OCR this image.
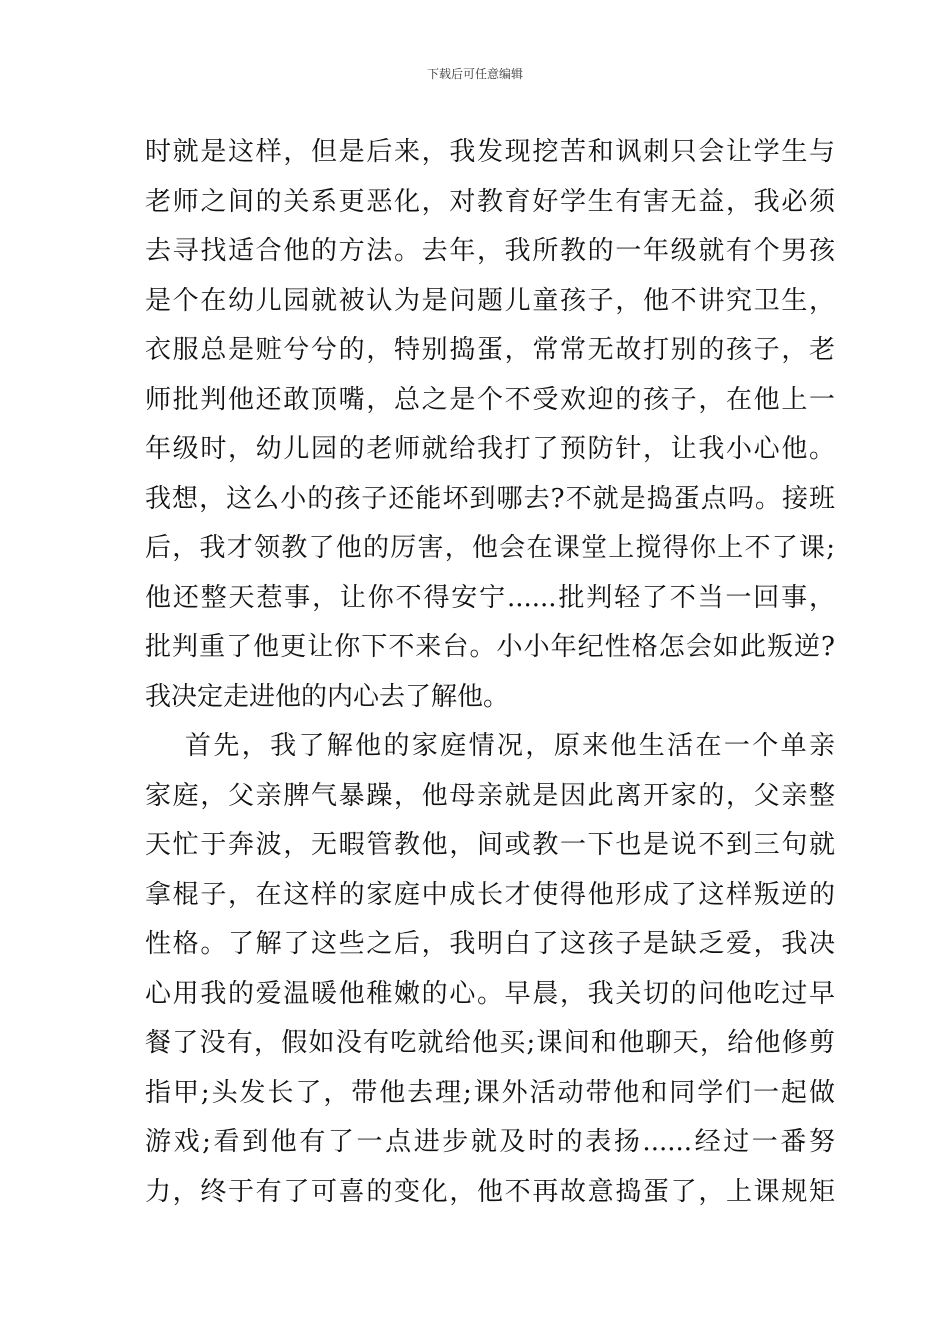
下载后可任意编辑
时就是这样，但是后来，我发现挖苦和讽刺只会让学生与
老师之间的关系更恶化，对教育好学生有害无益，我必须
去寻找适合他的方法。去年，我所教的一年级就有个男孩
是个在幼儿园就被认为是问题儿童孩子，他不讲究卫生，
衣服总是赃兮兮的，特别捣蛋，常常无故打别的孩子，老
师批判他还敢顶嘴，总之是个不受欢迎的孩子，在他上一
年级时，幼儿园的老师就给我打了预防针，让我小心他。
我想，这么小的孩子还能坏到哪去?不就是捣蛋点吗。接班
后，我才领教了他的厉害，他会在课堂上搅得你上不了课;
他还整天惹事，让你不得安宁......批判轻了不当一回事，
批判重了他更让你下不来台。小小年纪性格怎会如此叛逆?
我决定走进他的内心去了解他。
首先，我了解他的家庭情况，原来他生活在一个单亲
家庭，父亲脾气暴躁，他母亲就是因此离开家的，父亲整
天忙于奔波，无暇管教他，间或教一下也是说不到三句就
拿棍子，在这样的家庭中成长才使得他形成了这样叛逆的
性格。了解了这些之后，我明白了这孩子是缺乏爱，我决
心用我的爱温暖他稚嫩的心。早晨，我关切的问他吃过早
餐了没有，假如没有吃就给他买;课间和他聊天，给他修剪
指甲;头发长了，带他去理;课外活动带他和同学们一起做
游戏;看到他有了一点进步就及时的表扬......经过一番努
力，终于有了可喜的变化，他不再故意捣蛋了，上课规矩
